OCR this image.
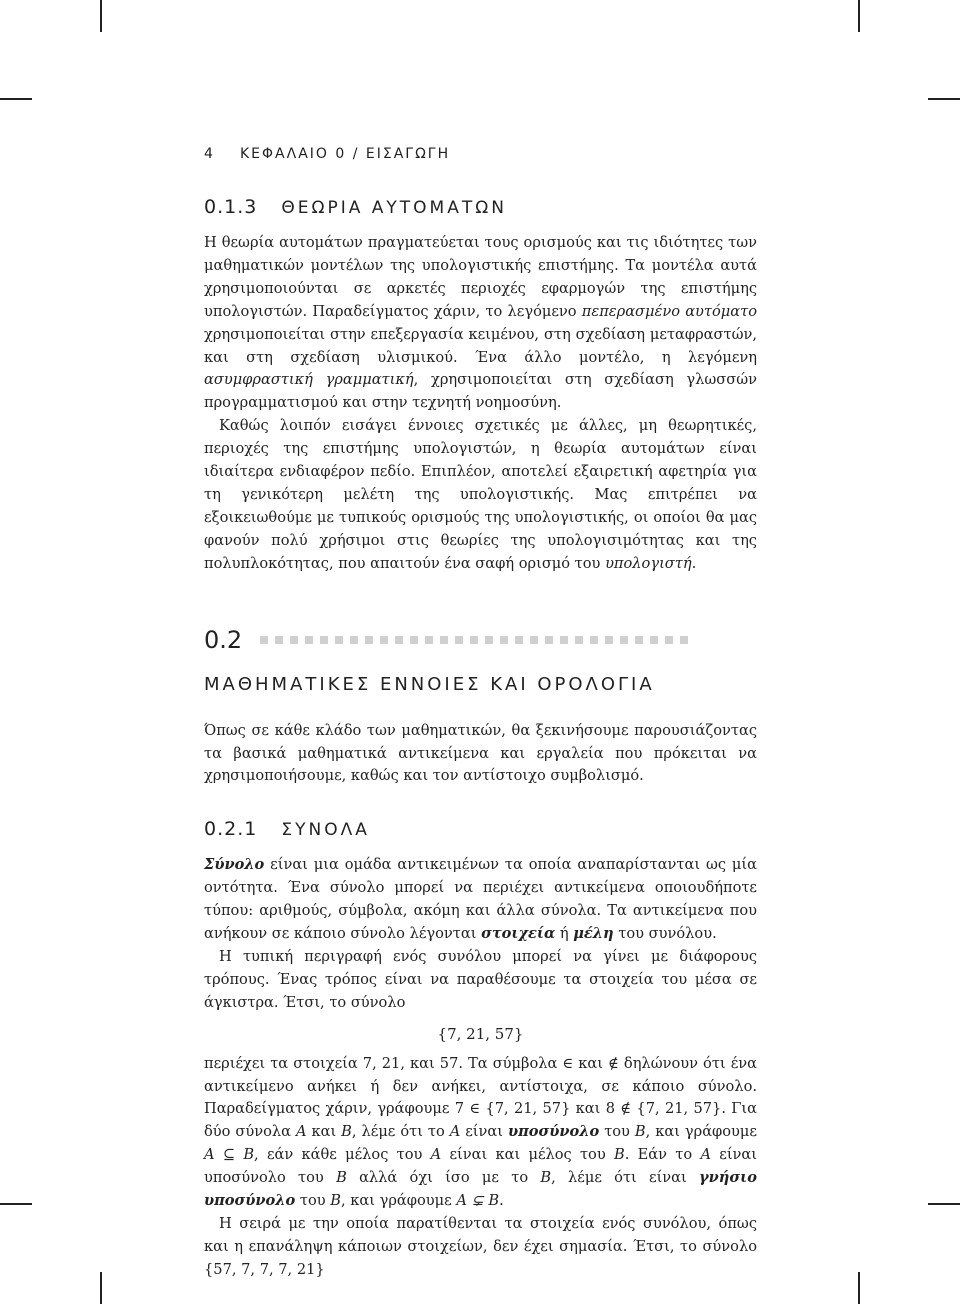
4 ΚΕΦΑΛΑΙΟ 0 / ΕΙΣΑΓΩΓΗ
0.1.3 ΘΕΩΡΙΑ ΑΥΤΟΜΑΤΩΝ

Η θεωρία αυτομάτων πραγματεύεται τους ορισμούς και τις ιδιότητες των μαθηματικών μοντέλων της υπολογιστικής επιστήμης. Τα μοντέλα αυτά χρησιμοποιούνται σε αρκετές περιοχές εφαρμογών της επιστήμης υπολογιστών. Παραδείγματος χάριν, το λεγόμενο πεπερασμένο αυτόματο χρησιμοποιείται στην επεξεργασία κειμένου, στη σχεδίαση μεταφραστών, και στη σχεδίαση υλισμικού. Ένα άλλο μοντέλο, η λεγόμενη ασυμφραστική γραμματική, χρησιμοποιείται στη σχεδίαση γλωσσών προγραμματισμού και στην τεχνητή νοημοσύνη.

Καθώς λοιπόν εισάγει έννοιες σχετικές με άλλες, μη θεωρητικές, περιοχές της επιστήμης υπολογιστών, η θεωρία αυτομάτων είναι ιδιαίτερα ενδιαφέρον πεδίο. Επιπλέον, αποτελεί εξαιρετική αφετηρία για τη γενικότερη μελέτη της υπολογιστικής. Μας επιτρέπει να εξοικειωθούμε με τυπικούς ορισμούς της υπολογιστικής, οι οποίοι θα μας φανούν πολύ χρήσιμοι στις θεωρίες της υπολογισιμότητας και της πολυπλοκότητας, που απαιτούν ένα σαφή ορισμό του υπολογιστή.

0.2
ΜΑΘΗΜΑΤΙΚΕΣ ΕΝΝΟΙΕΣ ΚΑΙ ΟΡΟΛΟΓΙΑ

Όπως σε κάθε κλάδο των μαθηματικών, θα ξεκινήσουμε παρουσιάζοντας τα βασικά μαθηματικά αντικείμενα και εργαλεία που πρόκειται να χρησιμοποιήσουμε, καθώς και τον αντίστοιχο συμβολισμό.

0.2.1 ΣΥΝΟΛΑ

Σύνολο είναι μια ομάδα αντικειμένων τα οποία αναπαρίστανται ως μία οντότητα. Ένα σύνολο μπορεί να περιέχει αντικείμενα οποιουδήποτε τύπου: αριθμούς, σύμβολα, ακόμη και άλλα σύνολα. Τα αντικείμενα που ανήκουν σε κάποιο σύνολο λέγονται στοιχεία ή μέλη του συνόλου.

Η τυπική περιγραφή ενός συνόλου μπορεί να γίνει με διάφορους τρόπους. Ένας τρόπος είναι να παραθέσουμε τα στοιχεία του μέσα σε άγκιστρα. Έτσι, το σύνολο

{7, 21, 57}

περιέχει τα στοιχεία 7, 21, και 57. Τα σύμβολα ∈ και ∉ δηλώνουν ότι ένα αντικείμενο ανήκει ή δεν ανήκει, αντίστοιχα, σε κάποιο σύνολο. Παραδείγματος χάριν, γράφουμε 7 ∈ {7, 21, 57} και 8 ∉ {7, 21, 57}. Για δύο σύνολα A και B, λέμε ότι το A είναι υποσύνολο του B, και γράφουμε A ⊆ B, εάν κάθε μέλος του A είναι και μέλος του B. Εάν το A είναι υποσύνολο του B αλλά όχι ίσο με το B, λέμε ότι είναι γνήσιο υποσύνολο του B, και γράφουμε A ⊊ B.

Η σειρά με την οποία παρατίθενται τα στοιχεία ενός συνόλου, όπως και η επανάληψη κάποιων στοιχείων, δεν έχει σημασία. Έτσι, το σύνολο {57, 7, 7, 7, 21}
